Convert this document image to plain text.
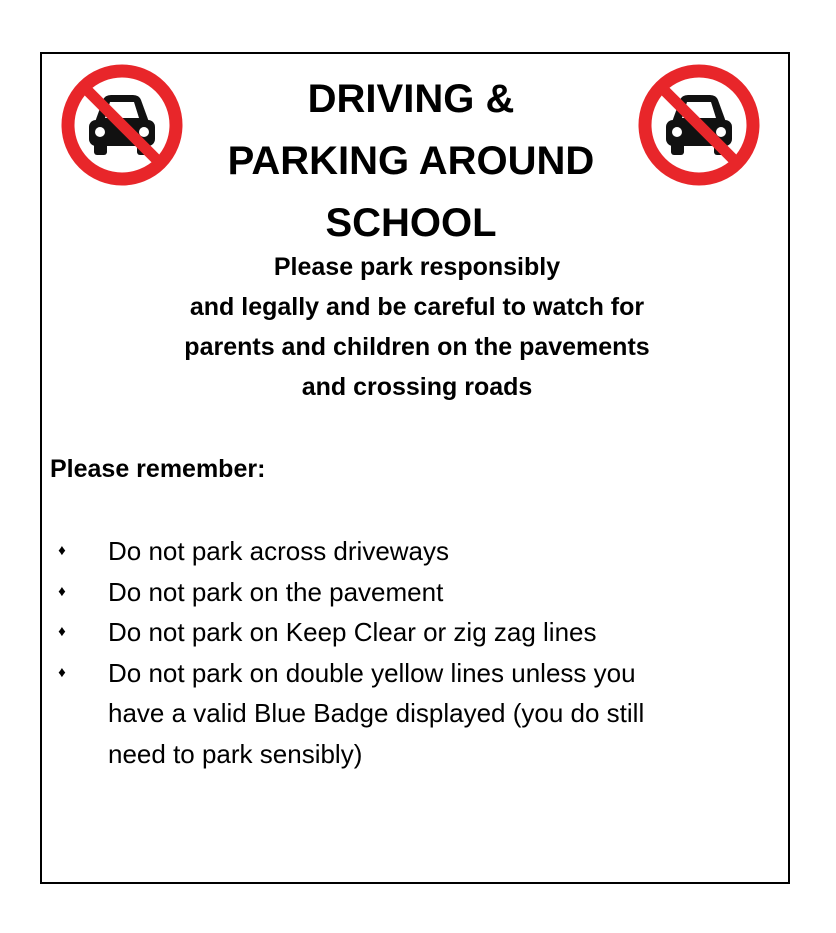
DRIVING &
PARKING AROUND
SCHOOL

Please park responsibly
and legally and be careful to watch for
parents and children on the pavements
and crossing roads

Please remember:

♦ Do not park across driveways
♦ Do not park on the pavement
♦ Do not park on Keep Clear or zig zag lines
♦ Do not park on double yellow lines unless you
have a valid Blue Badge displayed (you do still
need to park sensibly)
